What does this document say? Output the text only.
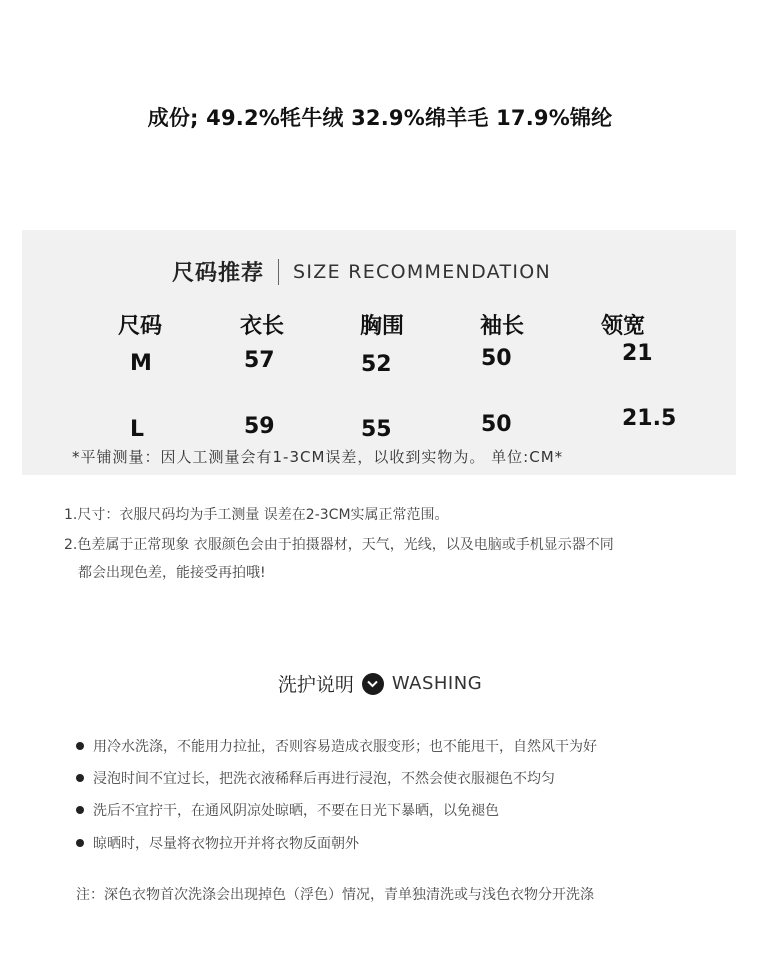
成份; 49.2%牦牛绒 32.9%绵羊毛 17.9%锦纶
尺码推荐 SIZE RECOMMENDATION
尺码	衣长	胸围	袖长	领宽
M	57	52	50	21
L	59	55	50	21.5
*平铺测量：因人工测量会有1-3CM误差，以收到实物为。 单位:CM*

1.尺寸：衣服尺码均为手工测量 误差在2-3CM实属正常范围。

2.色差属于正常现象 衣服颜色会由于拍摄器材，天气，光线，以及电脑或手机显示器不同

都会出现色差，能接受再拍哦!

洗护说明 WASHING
用冷水洗涤，不能用力拉扯，否则容易造成衣服变形；也不能甩干，自然风干为好
浸泡时间不宜过长，把洗衣液稀释后再进行浸泡，不然会使衣服褪色不均匀
洗后不宜拧干，在通风阴凉处晾晒，不要在日光下暴晒，以免褪色
晾晒时，尽量将衣物拉开并将衣物反面朝外
注：深色衣物首次洗涤会出现掉色（浮色）情况，青单独清洗或与浅色衣物分开洗涤
